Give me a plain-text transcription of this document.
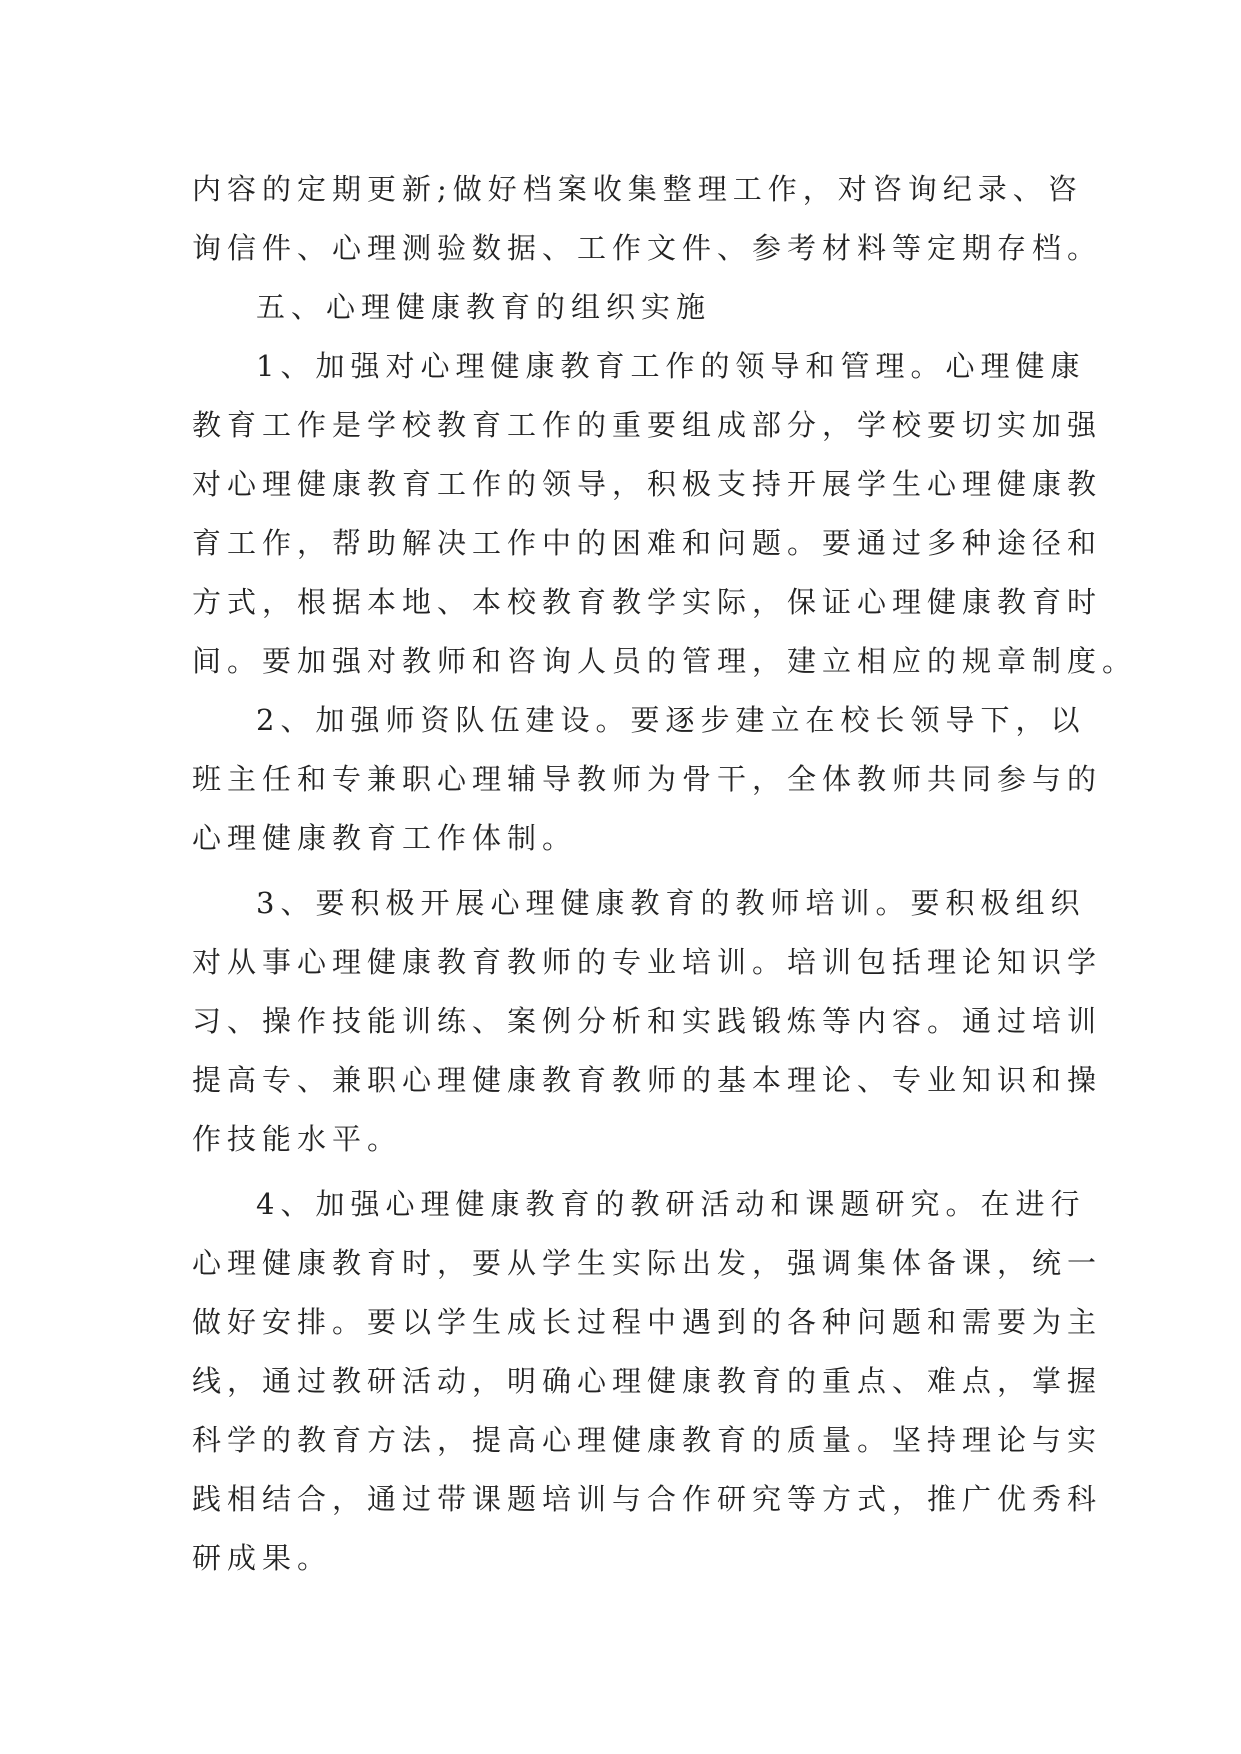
内容的定期更新;做好档案收集整理工作，对咨询纪录、咨
询信件、心理测验数据、工作文件、参考材料等定期存档。
五、心理健康教育的组织实施
1、加强对心理健康教育工作的领导和管理。心理健康
教育工作是学校教育工作的重要组成部分，学校要切实加强
对心理健康教育工作的领导，积极支持开展学生心理健康教
育工作，帮助解决工作中的困难和问题。要通过多种途径和
方式，根据本地、本校教育教学实际，保证心理健康教育时
间。要加强对教师和咨询人员的管理，建立相应的规章制度。
2、加强师资队伍建设。要逐步建立在校长领导下，以
班主任和专兼职心理辅导教师为骨干，全体教师共同参与的
心理健康教育工作体制。
3、要积极开展心理健康教育的教师培训。要积极组织
对从事心理健康教育教师的专业培训。培训包括理论知识学
习、操作技能训练、案例分析和实践锻炼等内容。通过培训
提高专、兼职心理健康教育教师的基本理论、专业知识和操
作技能水平。
4、加强心理健康教育的教研活动和课题研究。在进行
心理健康教育时，要从学生实际出发，强调集体备课，统一
做好安排。要以学生成长过程中遇到的各种问题和需要为主
线，通过教研活动，明确心理健康教育的重点、难点，掌握
科学的教育方法，提高心理健康教育的质量。坚持理论与实
践相结合，通过带课题培训与合作研究等方式，推广优秀科
研成果。
